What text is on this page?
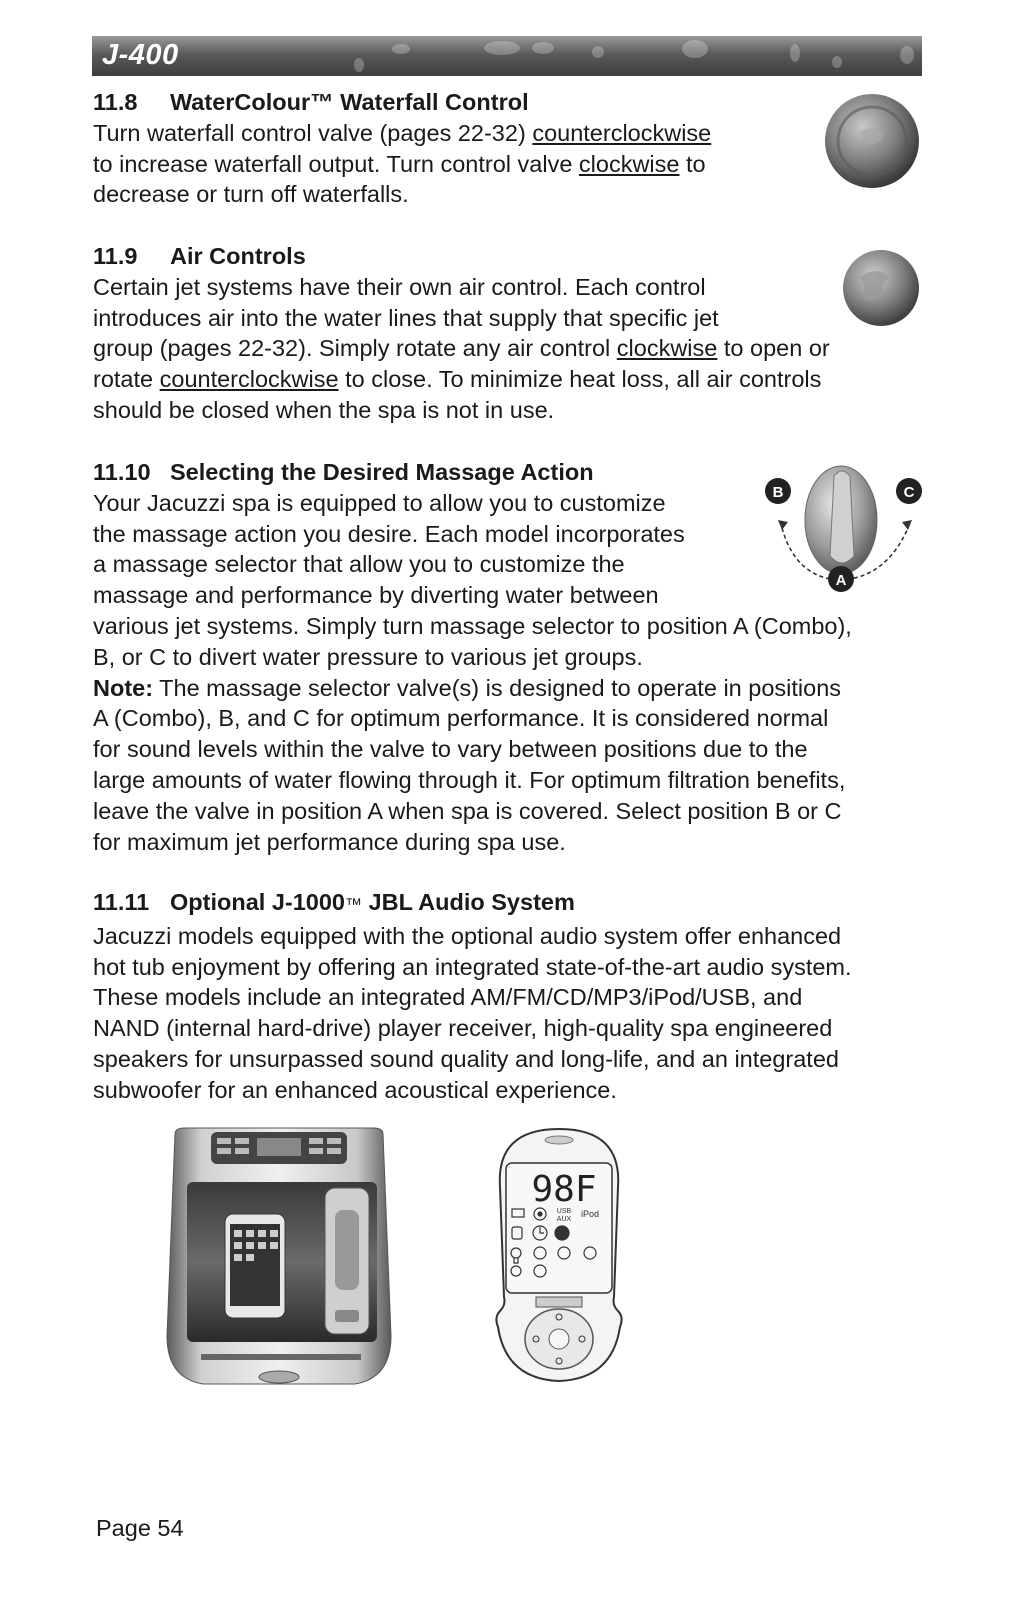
J-400

11.8 WaterColour™ Waterfall Control

Turn waterfall control valve (pages 22-32) counterclockwise

to increase waterfall output. Turn control valve clockwise to

decrease or turn off waterfalls.

11.9 Air Controls

Certain jet systems have their own air control. Each control

introduces air into the water lines that supply that specific jet

group (pages 22-32). Simply rotate any air control clockwise to open or

rotate counterclockwise to close. To minimize heat loss, all air controls

should be closed when the spa is not in use.

11.10 Selecting the Desired Massage Action

Your Jacuzzi spa is equipped to allow you to customize

the massage action you desire. Each model incorporates

a massage selector that allow you to customize the

massage and performance by diverting water between

various jet systems. Simply turn massage selector to position A (Combo),

B, or C to divert water pressure to various jet groups.

Note: The massage selector valve(s) is designed to operate in positions

A (Combo), B, and C for optimum performance. It is considered normal

for sound levels within the valve to vary between positions due to the

large amounts of water flowing through it. For optimum filtration benefits,

leave the valve in position A when spa is covered. Select position B or C

for maximum jet performance during spa use.

B	C
A

11.11 Optional J-1000™ JBL Audio System

Jacuzzi models equipped with the optional audio system offer enhanced

hot tub enjoyment by offering an integrated state-of-the-art audio system.

These models include an integrated AM/FM/CD/MP3/iPod/USB, and

NAND (internal hard-drive) player receiver, high-quality spa engineered

speakers for unsurpassed sound quality and long-life, and an integrated

subwoofer for an enhanced acoustical experience.

98F
USB
AUX
iPod
Page 54
